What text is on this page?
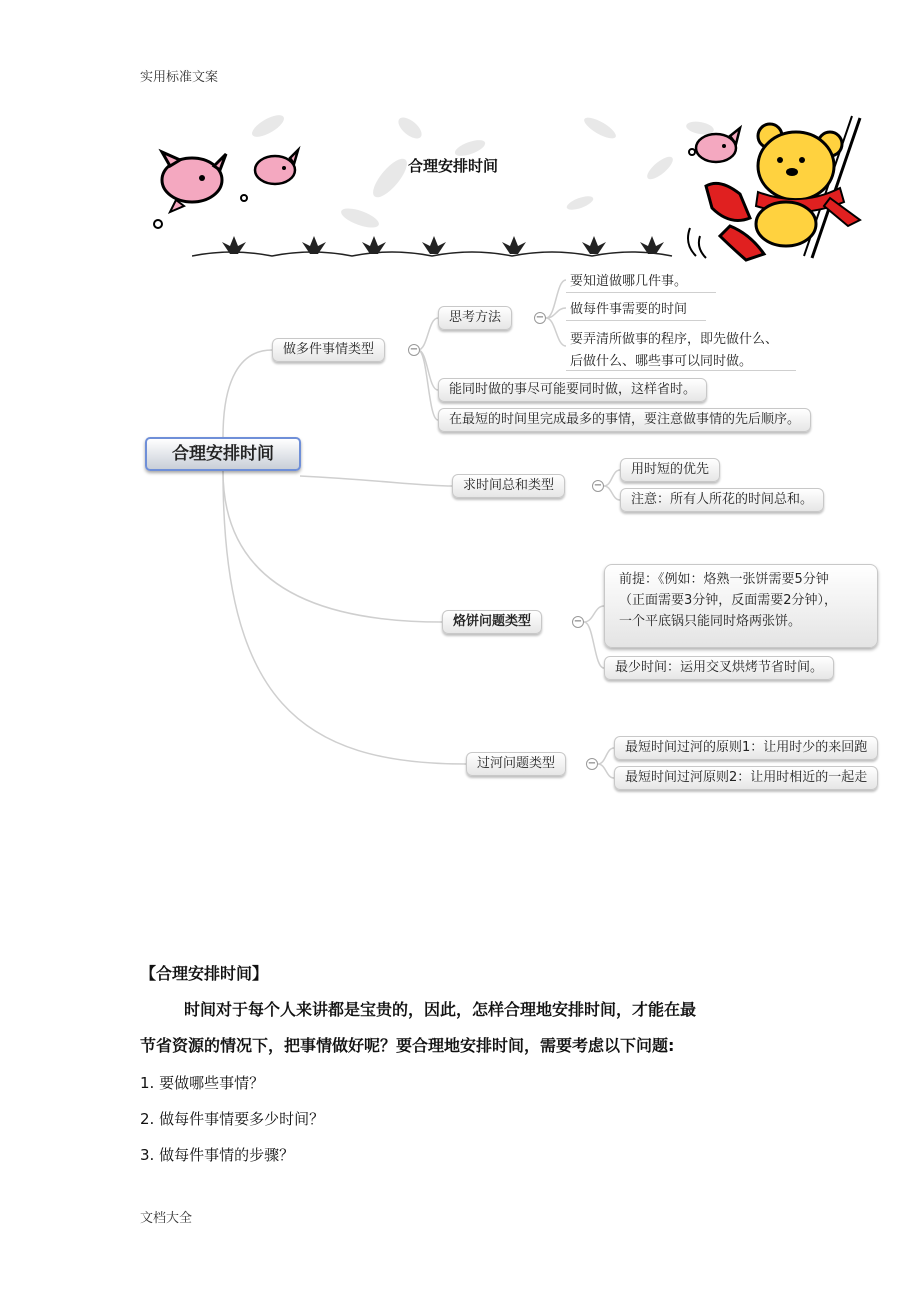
实用标准文案
合理安排时间
合理安排时间
做多件事情类型	−
思考方法	−
要知道做哪几件事。
做每件事需要的时间
要弄清所做事的程序，即先做什么、
后做什么、哪些事可以同时做。
能同时做的事尽可能要同时做，这样省时。
在最短的时间里完成最多的事情，要注意做事情的先后顺序。
求时间总和类型	−
用时短的优先
注意：所有人所花的时间总和。
烙饼问题类型	−
前提：《例如：烙熟一张饼需要5分钟
（正面需要3分钟，反面需要2分钟），
一个平底锅只能同时烙两张饼。
最少时间：运用交叉烘烤节省时间。
过河问题类型	−
最短时间过河的原则1：让用时少的来回跑
最短时间过河原则2：让用时相近的一起走
【合理安排时间】
时间对于每个人来讲都是宝贵的，因此，怎样合理地安排时间，才能在最
节省资源的情况下，把事情做好呢？要合理地安排时间，需要考虑以下问题:
1. 要做哪些事情？
2. 做每件事情要多少时间？
3. 做每件事情的步骤？
文档大全
